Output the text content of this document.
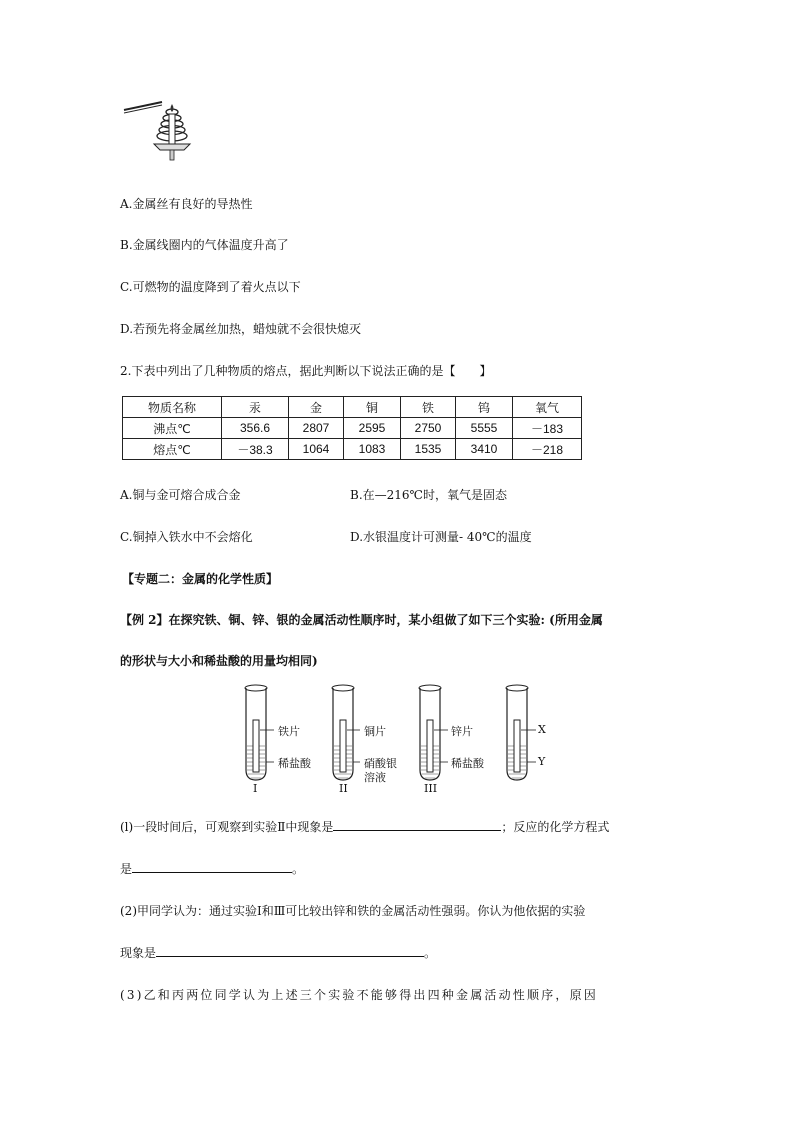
A.金属丝有良好的导热性
B.金属线圈内的气体温度升高了
C.可燃物的温度降到了着火点以下
D.若预先将金属丝加热，蜡烛就不会很快熄灭
2.下表中列出了几种物质的熔点，据此判断以下说法正确的是【　　】
物质名称	汞	金	铜	铁	钨	氧气
沸点℃	356.6	2807	2595	2750	5555	－183
熔点℃	－38.3	1064	1083	1535	3410	－218
A.铜与金可熔合成合金	B.在—216℃时，氧气是固态
C.铜掉入铁水中不会熔化	D.水银温度计可测量- 40℃的温度
【专题二：金属的化学性质】
【例 2】在探究铁、铜、锌、银的金属活动性顺序时，某小组做了如下三个实验: (所用金属
的形状与大小和稀盐酸的用量均相同)
铁片
稀盐酸
I
铜片
硝酸银
溶液
II
锌片
稀盐酸
III
X
Y
(l)一段时间后，可观察到实验Ⅱ中现象是	；反应的化学方程式
是	。
(2)甲同学认为：通过实验Ⅰ和Ⅲ可比较出锌和铁的金属活动性强弱。你认为他依据的实验
现象是	。
(3)乙和丙两位同学认为上述三个实验不能够得出四种金属活动性顺序，原因
